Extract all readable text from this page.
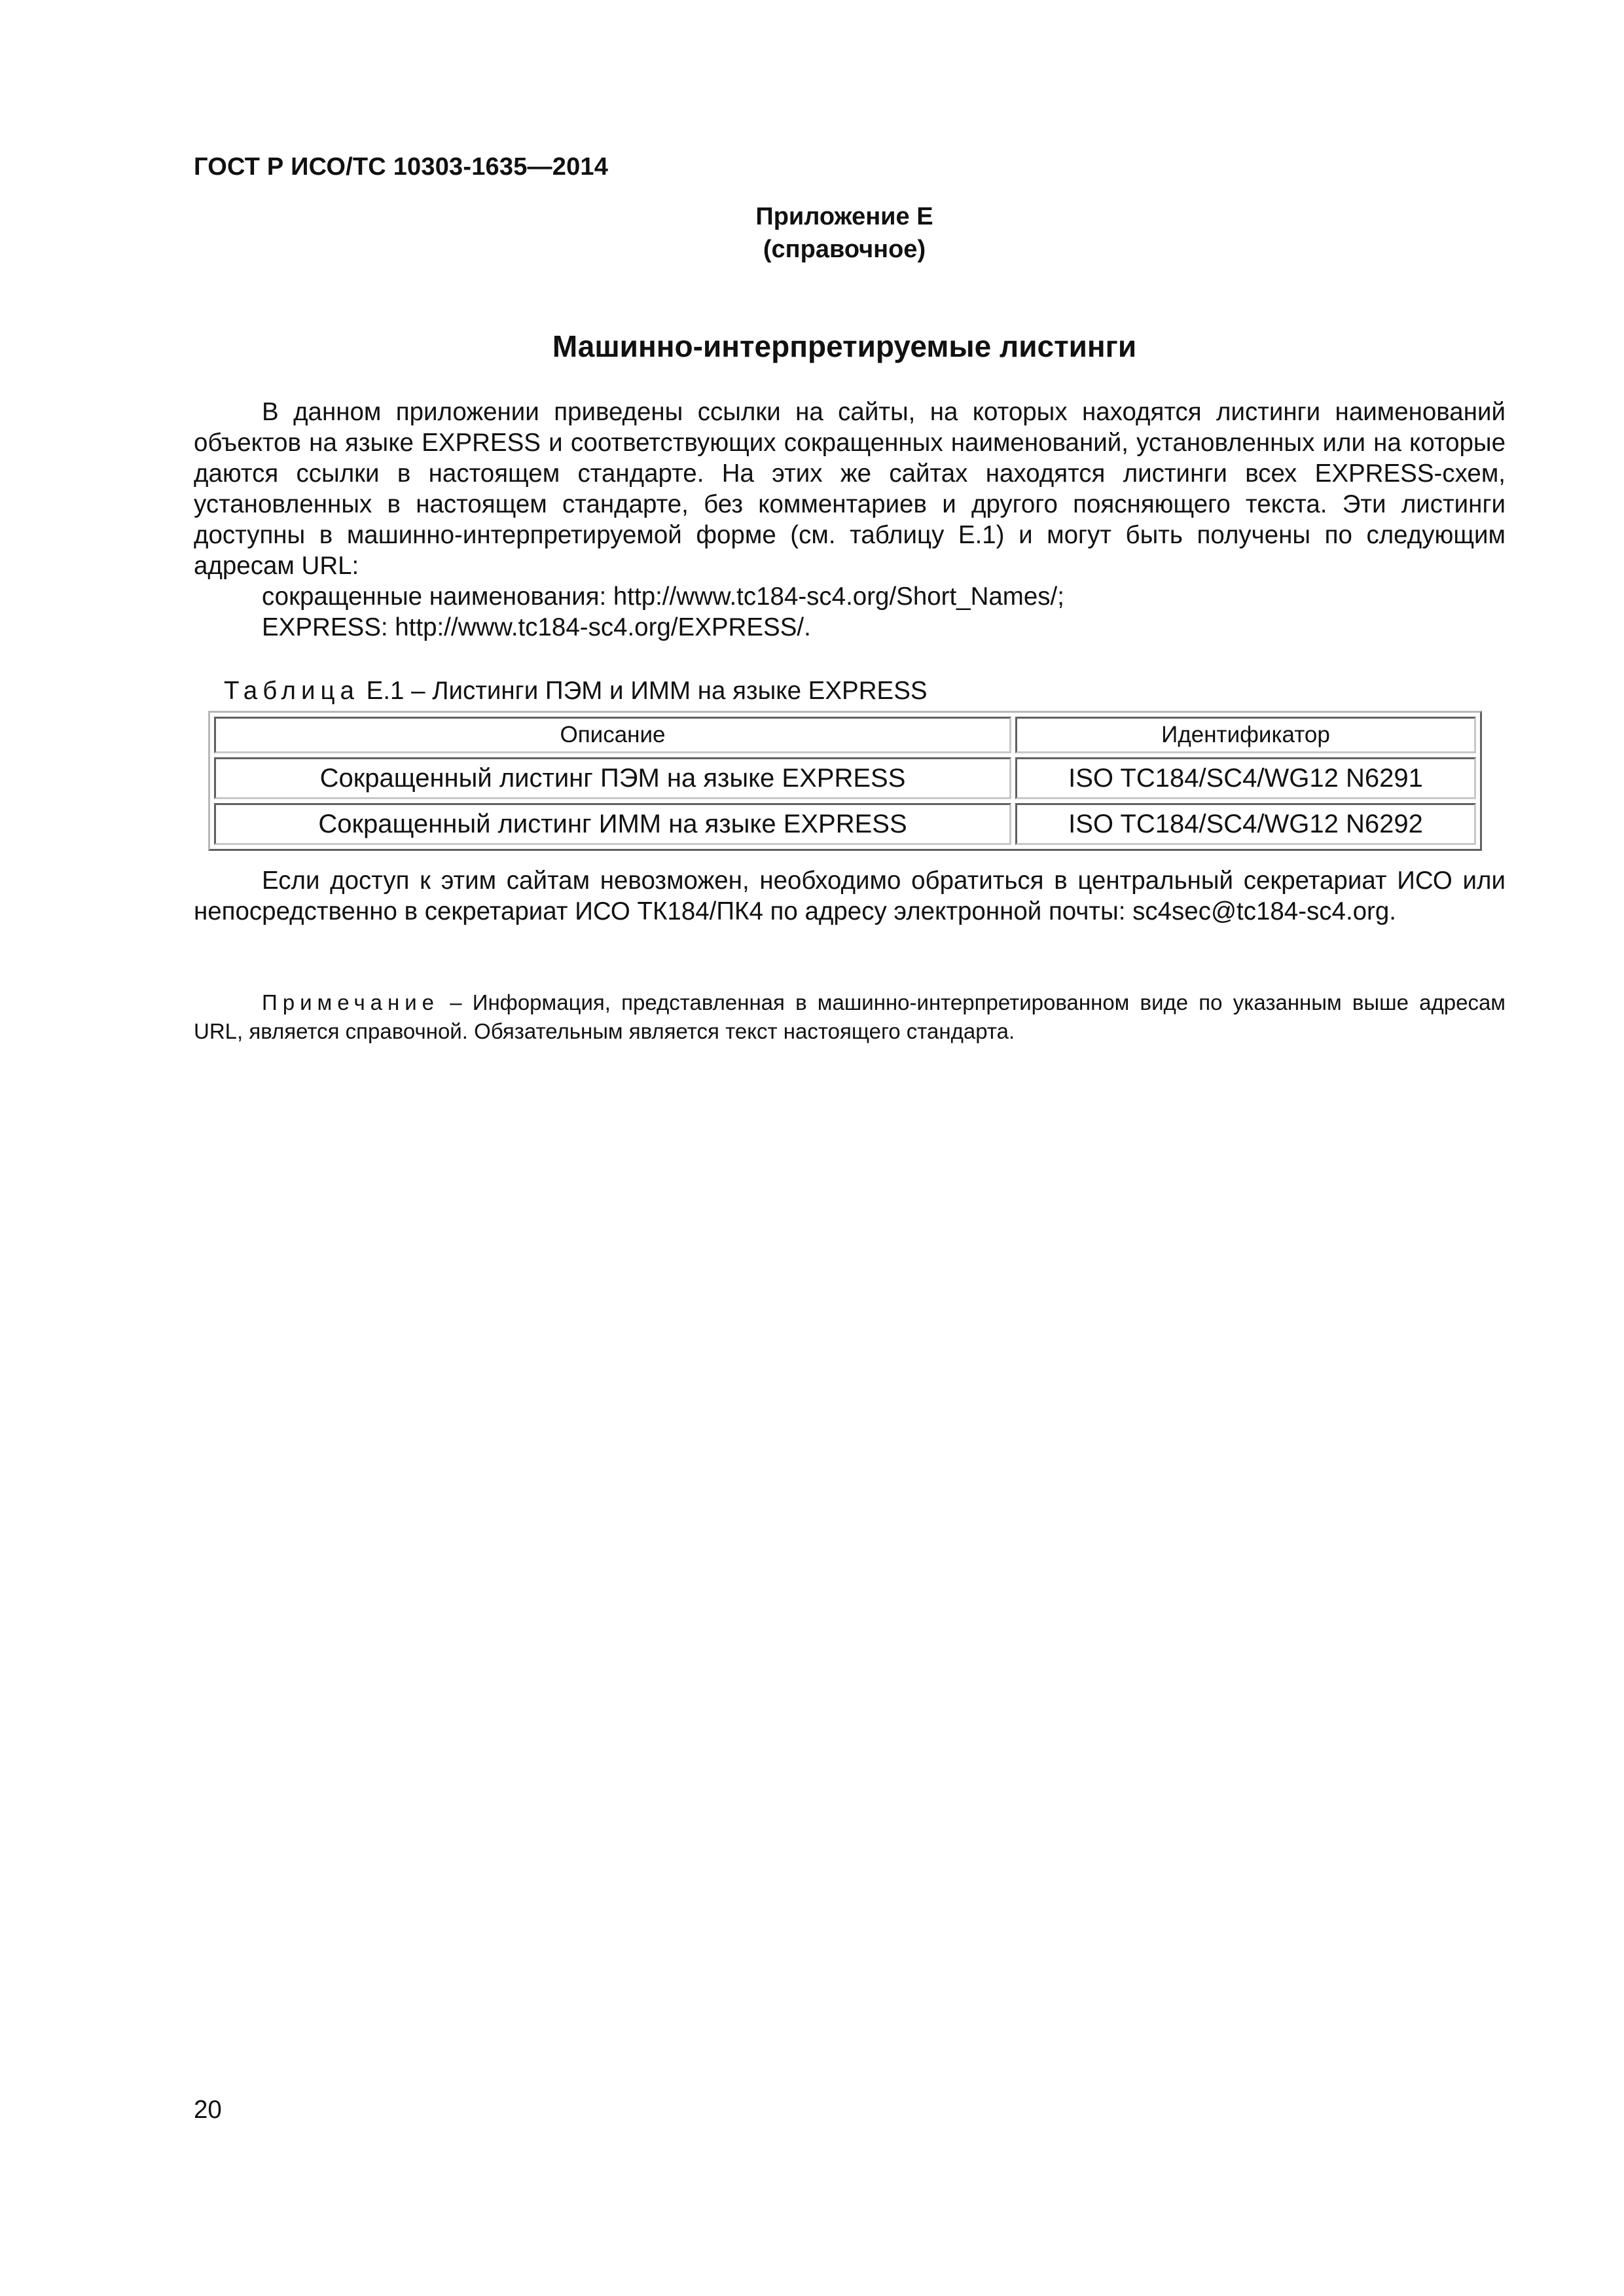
ГОСТ Р ИСО/ТС 10303-1635—2014
Приложение E
(справочное)
Машинно-интерпретируемые листинги

В данном приложении приведены ссылки на сайты, на которых находятся листинги наименований объектов на языке EXPRESS и соответствующих сокращенных наименований, установленных или на которые даются ссылки в настоящем стандарте. На этих же сайтах находятся листинги всех EXPRESS-схем, установленных в настоящем стандарте, без комментариев и другого поясняющего текста. Эти листинги доступны в машинно-интерпретируемой форме (см. таблицу E.1) и могут быть получены по следующим адресам URL:

сокращенные наименования: http://www.tc184-sc4.org/Short_Names/;
EXPRESS: http://www.tc184-sc4.org/EXPRESS/.
Таблица E.1 – Листинги ПЭМ и ИММ на языке EXPRESS
Описание	Идентификатор
Сокращенный листинг ПЭМ на языке EXPRESS	ISO TC184/SC4/WG12 N6291
Сокращенный листинг ИММ на языке EXPRESS	ISO TC184/SC4/WG12 N6292

Если доступ к этим сайтам невозможен, необходимо обратиться в центральный секретариат ИСО или непосредственно в секретариат ИСО ТК184/ПК4 по адресу электронной почты: sc4sec@tc184-sc4.org.

Примечание – Информация, представленная в машинно-интерпретированном виде по указанным выше адресам URL, является справочной. Обязательным является текст настоящего стандарта.

20
